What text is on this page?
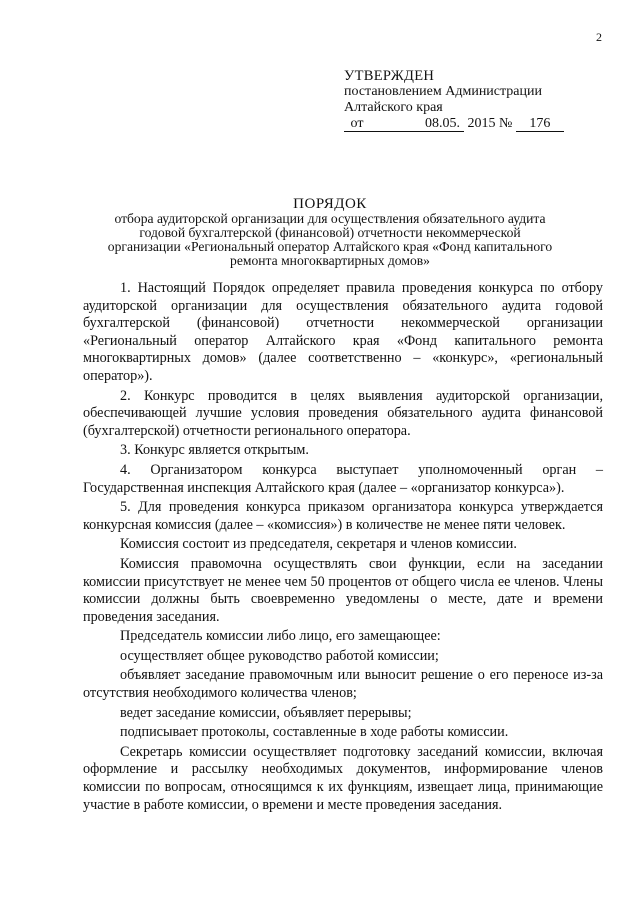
2
УТВЕРЖДЕН
постановлением Администрации
Алтайского края
от	08.05. 2015 № 176
ПОРЯДОК
отбора аудиторской организации для осуществления обязательного аудита
годовой бухгалтерской (финансовой) отчетности некоммерческой
организации «Региональный оператор Алтайского края «Фонд капитального
ремонта многоквартирных домов»

1. Настоящий Порядок определяет правила проведения конкурса по отбору аудиторской организации для осуществления обязательного аудита годовой бухгалтерской (финансовой) отчетности некоммерческой организации «Региональный оператор Алтайского края «Фонд капитального ремонта многоквартирных домов» (далее соответственно – «конкурс», «региональный оператор»).

2. Конкурс проводится в целях выявления аудиторской организации, обеспечивающей лучшие условия проведения обязательного аудита финансовой (бухгалтерской) отчетности регионального оператора.

3. Конкурс является открытым.

4. Организатором конкурса выступает уполномоченный орган – Государственная инспекция Алтайского края (далее – «организатор конкурса»).

5. Для проведения конкурса приказом организатора конкурса утверждается конкурсная комиссия (далее – «комиссия») в количестве не менее пяти человек.

Комиссия состоит из председателя, секретаря и членов комиссии.

Комиссия правомочна осуществлять свои функции, если на заседании комиссии присутствует не менее чем 50 процентов от общего числа ее членов. Члены комиссии должны быть своевременно уведомлены о месте, дате и времени проведения заседания.

Председатель комиссии либо лицо, его замещающее:

осуществляет общее руководство работой комиссии;

объявляет заседание правомочным или выносит решение о его переносе из-за отсутствия необходимого количества членов;

ведет заседание комиссии, объявляет перерывы;

подписывает протоколы, составленные в ходе работы комиссии.

Секретарь комиссии осуществляет подготовку заседаний комиссии, включая оформление и рассылку необходимых документов, информирование членов комиссии по вопросам, относящимся к их функциям, извещает лица, принимающие участие в работе комиссии, о времени и месте проведения заседания.
